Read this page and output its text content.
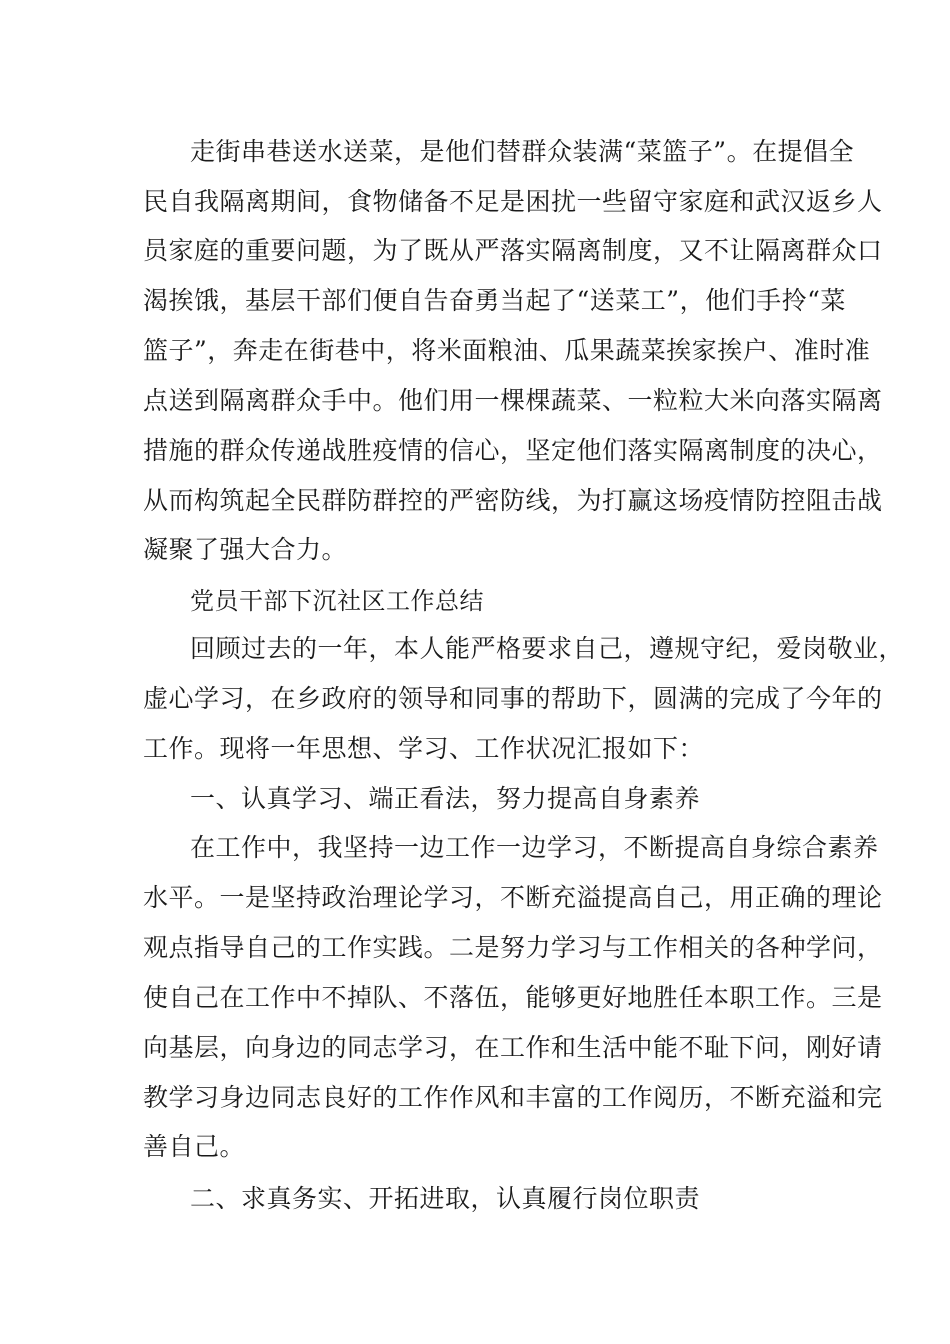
走街串巷送水送菜，是他们替群众装满“菜篮子”。在提倡全

民自我隔离期间，食物储备不足是困扰一些留守家庭和武汉返乡人

员家庭的重要问题，为了既从严落实隔离制度，又不让隔离群众口

渴挨饿，基层干部们便自告奋勇当起了“送菜工”，他们手拎“菜

篮子”，奔走在街巷中，将米面粮油、瓜果蔬菜挨家挨户、准时准

点送到隔离群众手中。他们用一棵棵蔬菜、一粒粒大米向落实隔离

措施的群众传递战胜疫情的信心，坚定他们落实隔离制度的决心，

从而构筑起全民群防群控的严密防线，为打赢这场疫情防控阻击战

凝聚了强大合力。

党员干部下沉社区工作总结

回顾过去的一年，本人能严格要求自己，遵规守纪，爱岗敬业，

虚心学习，在乡政府的领导和同事的帮助下，圆满的完成了今年的

工作。现将一年思想、学习、工作状况汇报如下：

一、认真学习、端正看法，努力提高自身素养

在工作中，我坚持一边工作一边学习，不断提高自身综合素养

水平。一是坚持政治理论学习，不断充溢提高自己，用正确的理论

观点指导自己的工作实践。二是努力学习与工作相关的各种学问，

使自己在工作中不掉队、不落伍，能够更好地胜任本职工作。三是

向基层，向身边的同志学习，在工作和生活中能不耻下问，刚好请

教学习身边同志良好的工作作风和丰富的工作阅历，不断充溢和完

善自己。

二、求真务实、开拓进取，认真履行岗位职责
